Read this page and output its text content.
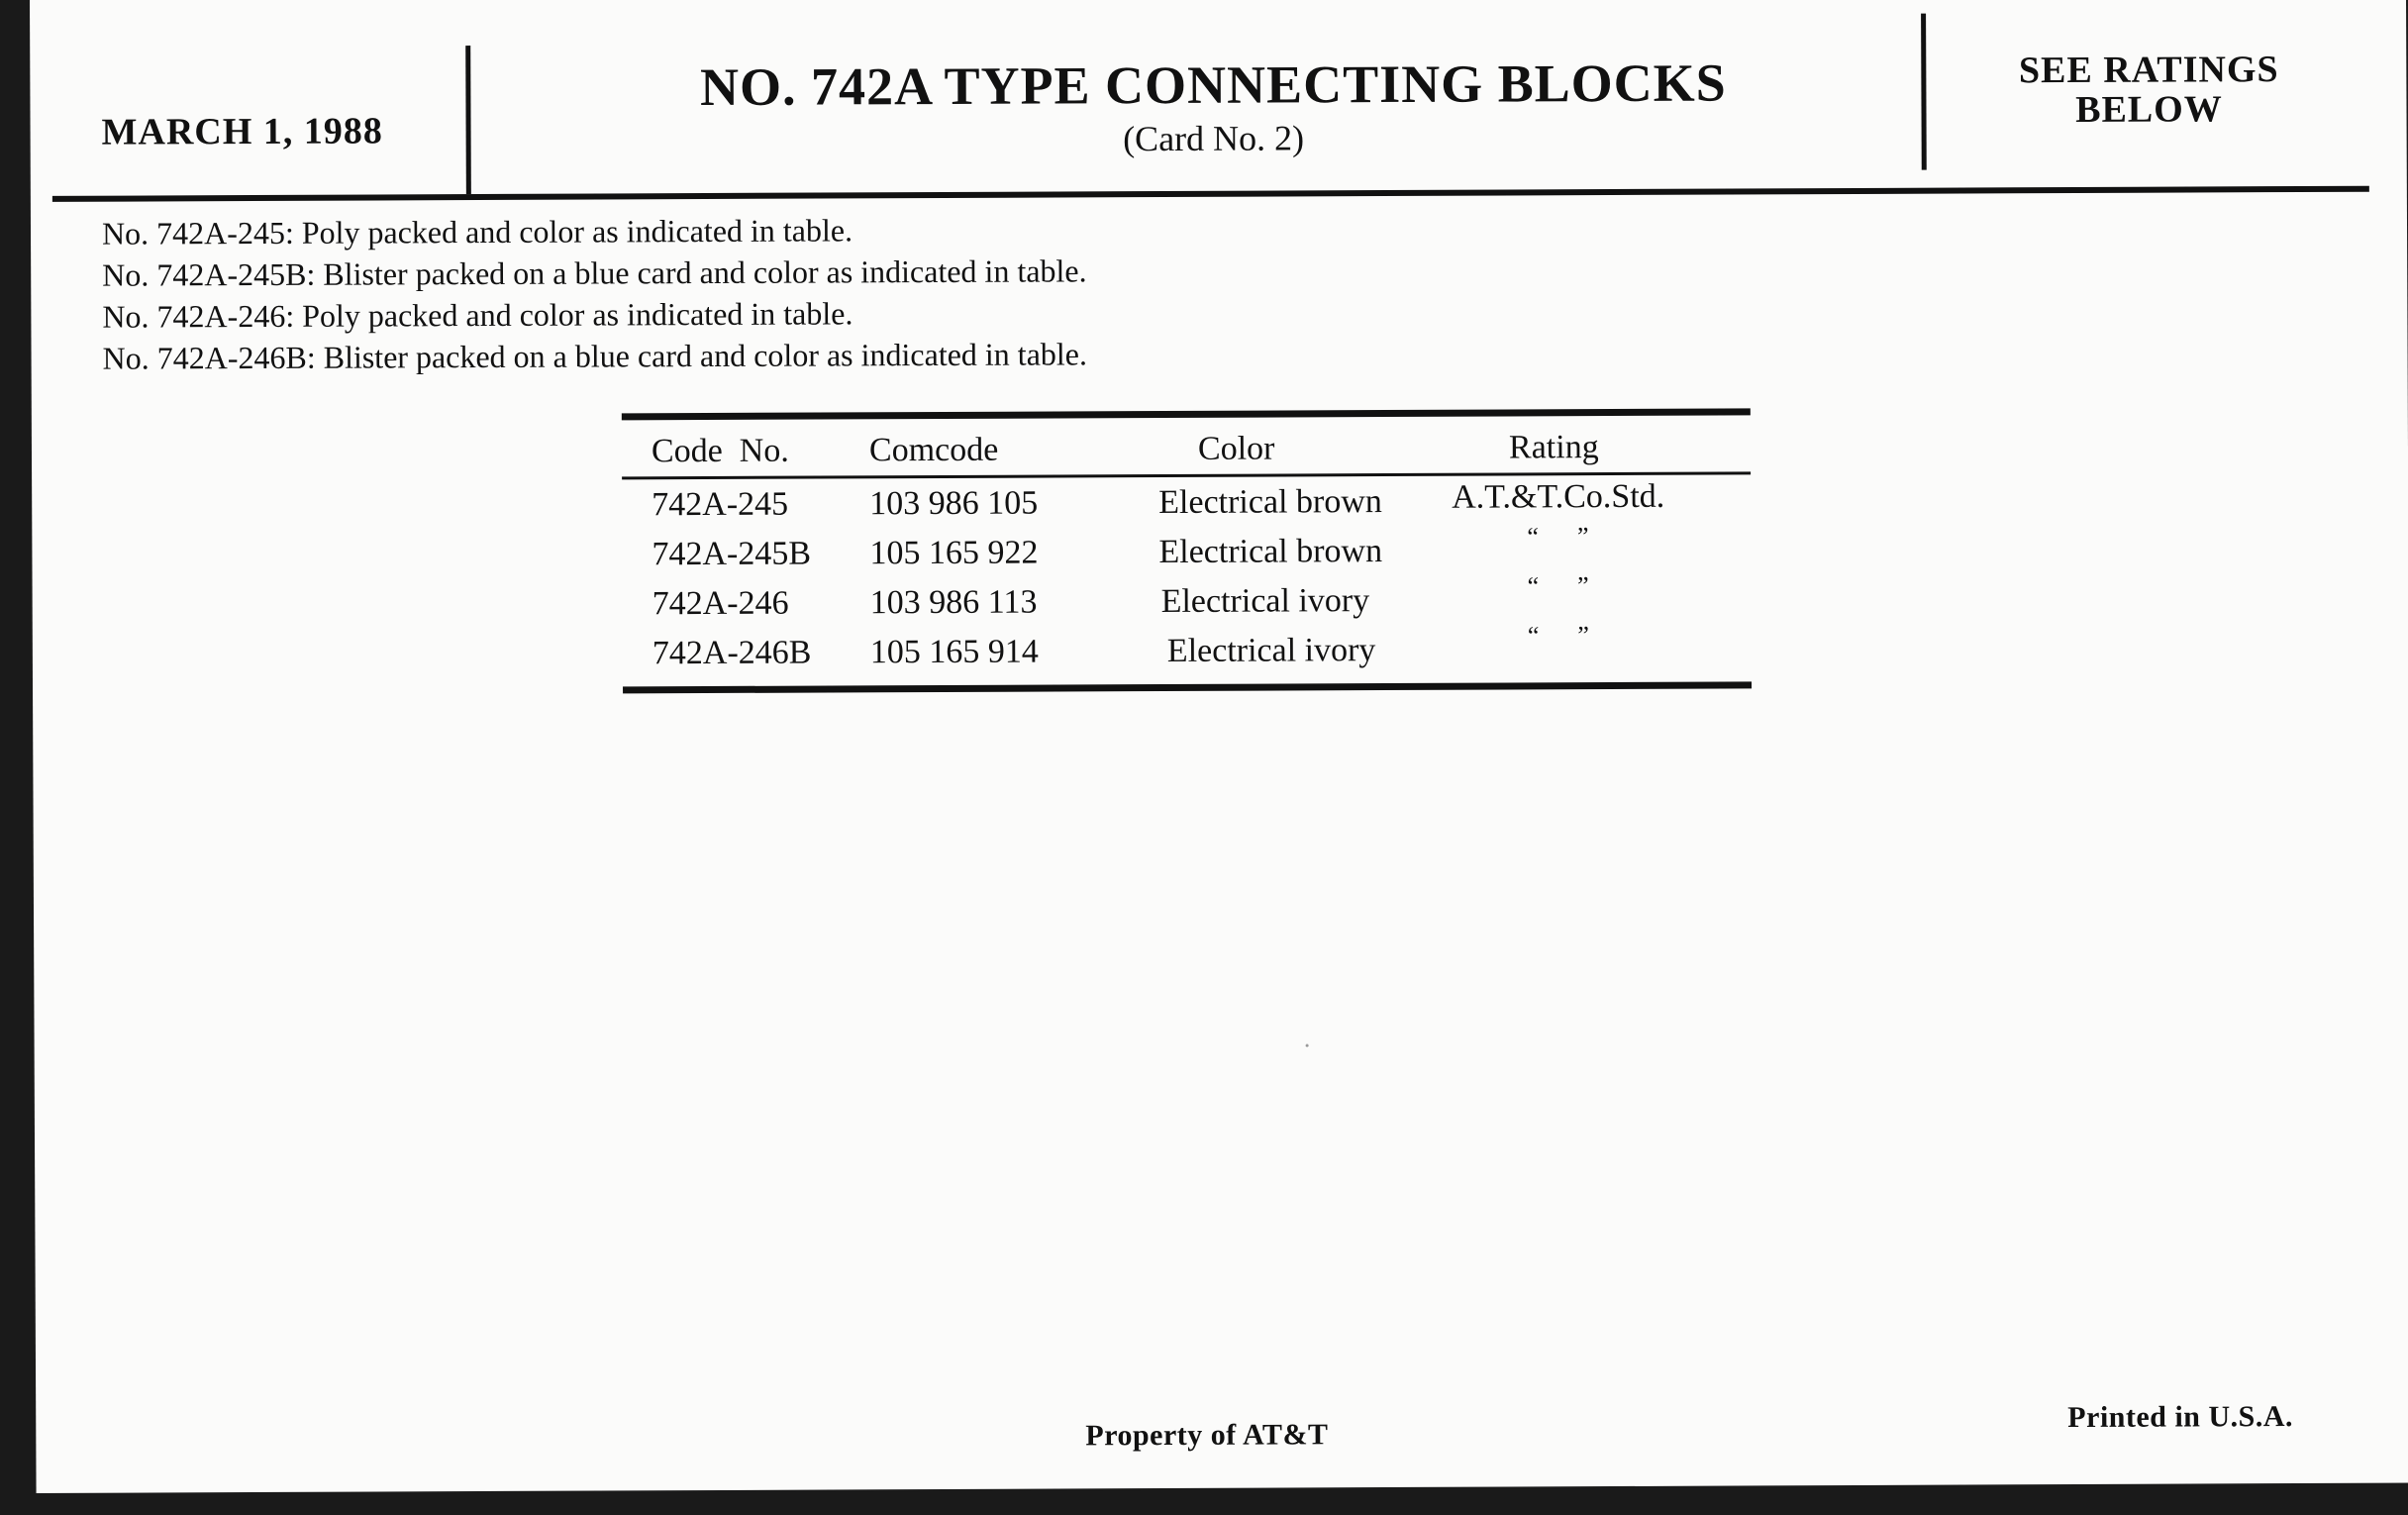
MARCH 1, 1988
NO. 742A TYPE CONNECTING BLOCKS
(Card No. 2)
SEE RATINGS
BELOW
No. 742A-245: Poly packed and color as indicated in table.
No. 742A-245B: Blister packed on a blue card and color as indicated in table.
No. 742A-246: Poly packed and color as indicated in table.
No. 742A-246B: Blister packed on a blue card and color as indicated in table.
Code  No. Comcode	Color	Rating
742A-245 103 986 105	Electrical brown A.T.&T.Co.Std.
742A-245B 105 165 922	Electrical brown	“      ”
742A-246 103 986 113	Electrical ivory	“      ”
742A-246B 105 165 914	Electrical ivory	“      ”
Property of AT&T
Printed in U.S.A.
